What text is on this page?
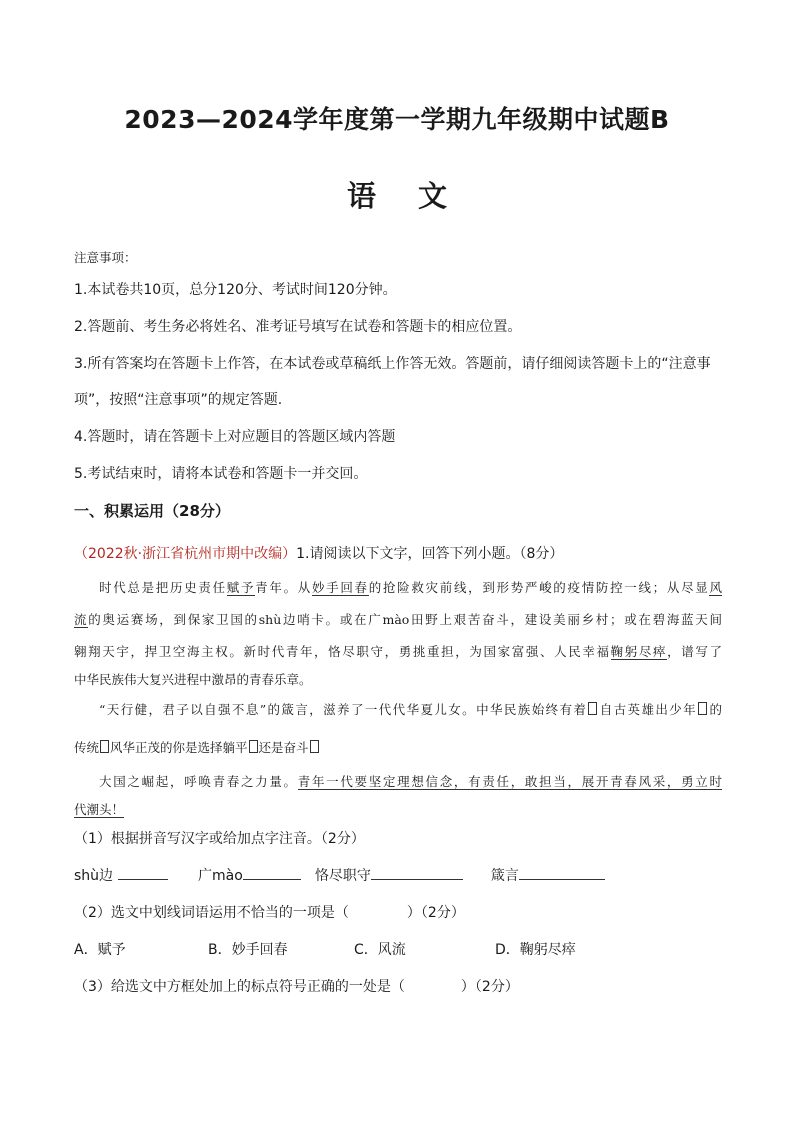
2023—2024学年度第一学期九年级期中试题B
语 文
注意事项：
1.本试卷共10页，总分120分、考试时间120分钟。
2.答题前、考生务必将姓名、准考证号填写在试卷和答题卡的相应位置。
3.所有答案均在答题卡上作答，在本试卷或草稿纸上作答无效。答题前，请仔细阅读答题卡上的“注意事
项”，按照“注意事项”的规定答题.
4.答题时，请在答题卡上对应题目的答题区域内答题
5.考试结束时，请将本试卷和答题卡一并交回。
一、积累运用（28分）
（2022秋·浙江省杭州市期中改编）1.请阅读以下文字，回答下列小题。（8分）
时代总是把历史责任赋予青年。从妙手回春的抢险救灾前线，到形势严峻的疫情防控一线；从尽显风
流的奥运赛场，到保家卫国的shù边哨卡。或在广mào田野上艰苦奋斗，建设美丽乡村；或在碧海蓝天间
翱翔天宇，捍卫空海主权。新时代青年，恪尽职守，勇挑重担，为国家富强、人民幸福鞠躬尽瘁，谱写了
中华民族伟大复兴进程中激昂的青春乐章。
“天行健，君子以自强不息”的箴言，滋养了一代代华夏儿女。中华民族始终有着 自古英雄出少年 的
传统 风华正茂的你是选择躺平 还是奋斗
大国之崛起，呼唤青春之力量。青年一代要坚定理想信念，有责任，敢担当，展开青春风采，勇立时
代潮头！
（1）根据拼音写汉字或给加点字注音。（2分）
shù边	广mào	恪尽职守	箴言
（2）选文中划线词语运用不恰当的一项是（	）（2分）
A．赋予	B．妙手回春	C．风流	D．鞠躬尽瘁
（3）给选文中方框处加上的标点符号正确的一处是（	）（2分）
